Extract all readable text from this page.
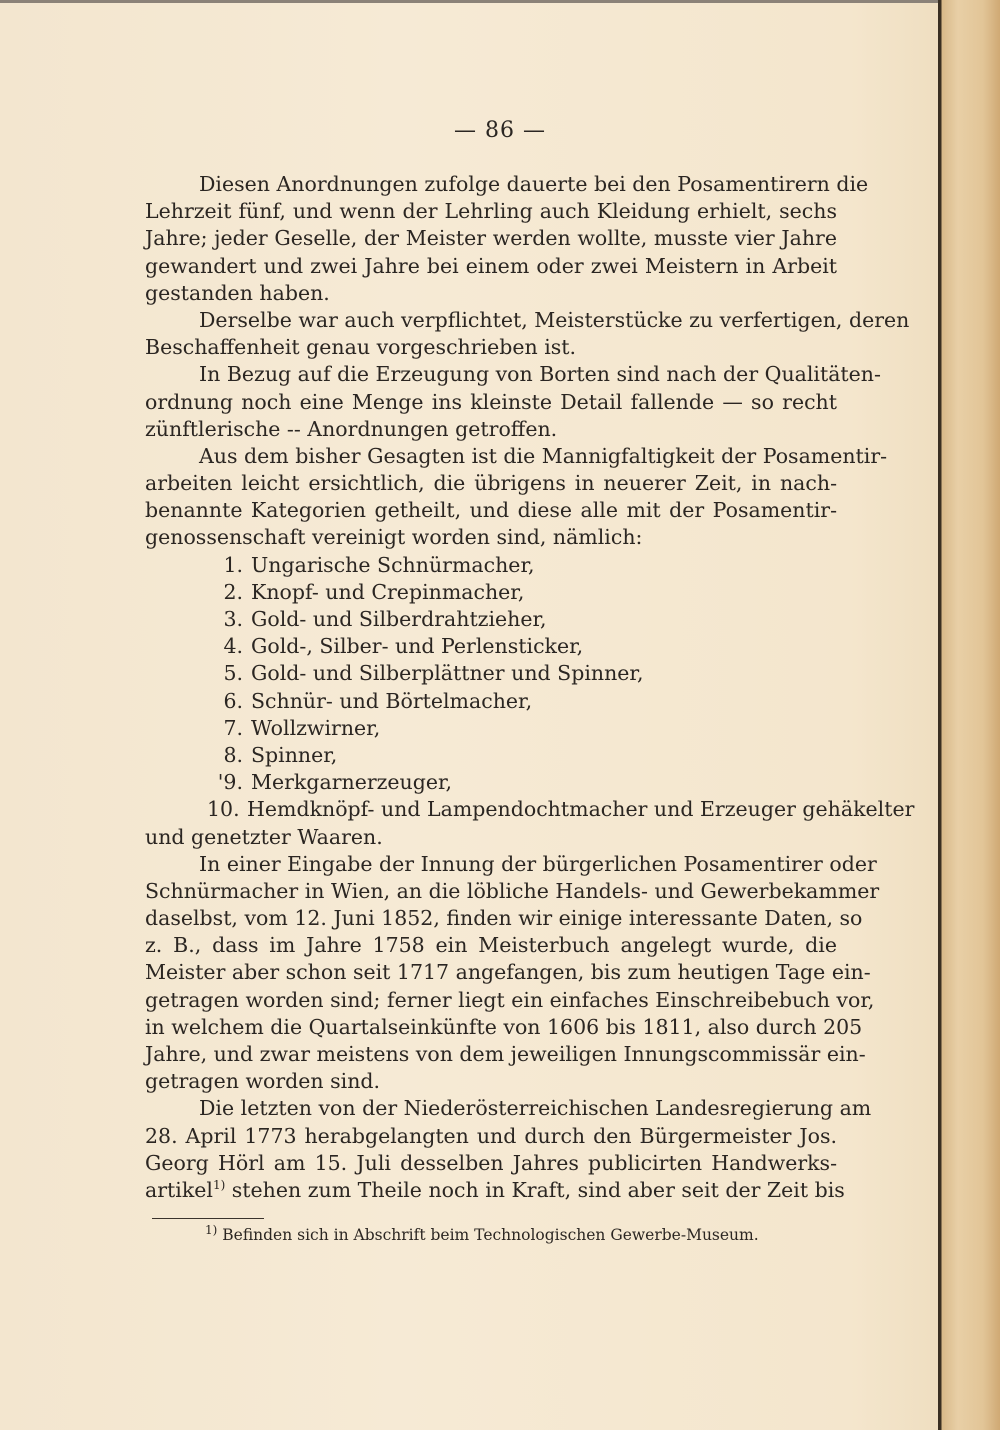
— 86 —
Diesen Anordnungen zufolge dauerte bei den Posamentirern die
Lehrzeit fünf, und wenn der Lehrling auch Kleidung erhielt, sechs
Jahre; jeder Geselle, der Meister werden wollte, musste vier Jahre
gewandert und zwei Jahre bei einem oder zwei Meistern in Arbeit
gestanden haben.
Derselbe war auch verpflichtet, Meisterstücke zu verfertigen, deren
Beschaffenheit genau vorgeschrieben ist.
In Bezug auf die Erzeugung von Borten sind nach der Qualitäten-
ordnung noch eine Menge ins kleinste Detail fallende — so recht
zünftlerische -- Anordnungen getroffen.
Aus dem bisher Gesagten ist die Mannigfaltigkeit der Posamentir-
arbeiten leicht ersichtlich, die übrigens in neuerer Zeit, in nach-
benannte Kategorien getheilt, und diese alle mit der Posamentir-
genossenschaft vereinigt worden sind, nämlich:
1. Ungarische Schnürmacher,
2. Knopf- und Crepinmacher,
3. Gold- und Silberdrahtzieher,
4. Gold-, Silber- und Perlensticker,
5. Gold- und Silberplättner und Spinner,
6. Schnür- und Börtelmacher,
7. Wollzwirner,
8. Spinner,
'9. Merkgarnerzeuger,
10. Hemdknöpf- und Lampendochtmacher und Erzeuger gehäkelter
und genetzter Waaren.
In einer Eingabe der Innung der bürgerlichen Posamentirer oder
Schnürmacher in Wien, an die löbliche Handels- und Gewerbekammer
daselbst, vom 12. Juni 1852, finden wir einige interessante Daten, so
z. B., dass im Jahre 1758 ein Meisterbuch angelegt wurde, die
Meister aber schon seit 1717 angefangen, bis zum heutigen Tage ein-
getragen worden sind; ferner liegt ein einfaches Einschreibebuch vor,
in welchem die Quartalseinkünfte von 1606 bis 1811, also durch 205
Jahre, und zwar meistens von dem jeweiligen Innungscommissär ein-
getragen worden sind.
Die letzten von der Niederösterreichischen Landesregierung am
28. April 1773 herabgelangten und durch den Bürgermeister Jos.
Georg Hörl am 15. Juli desselben Jahres publicirten Handwerks-
artikel$^{1)}$ stehen zum Theile noch in Kraft, sind aber seit der Zeit bis
$^{1)}$ Befinden sich in Abschrift beim Technologischen Gewerbe-Museum.
